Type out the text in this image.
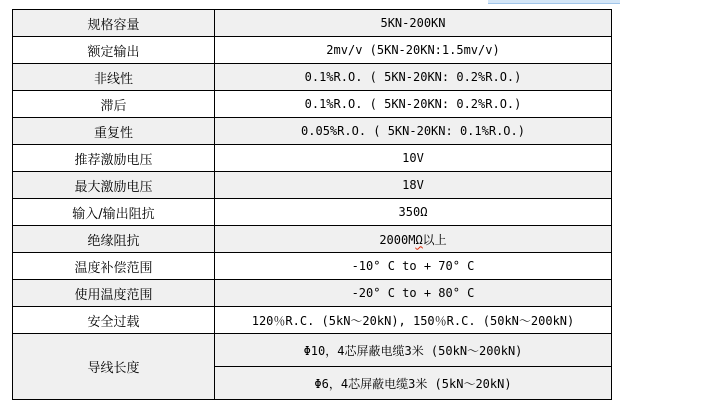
规格容量	5KN-200KN
额定输出	2mv/v (5KN-20KN:1.5mv/v)
非线性	0.1%R.O. ( 5KN-20KN: 0.2%R.O.)
滞后	0.1%R.O. ( 5KN-20KN: 0.2%R.O.)
重复性	0.05%R.O. ( 5KN-20KN: 0.1%R.O.)
推荐激励电压	10V
最大激励电压	18V
输入/输出阻抗	350Ω
绝缘阻抗	2000MΩ以上
温度补偿范围	-10° C to + 70° C
使用温度范围	-20° C to + 80° C
安全过载	120％R.C. (5kN～20kN), 150％R.C. (50kN～200kN)
导线长度	Φ10，4芯屏蔽电缆3米 (50kN～200kN)
	Φ6，4芯屏蔽电缆3米 (5kN～20kN)
